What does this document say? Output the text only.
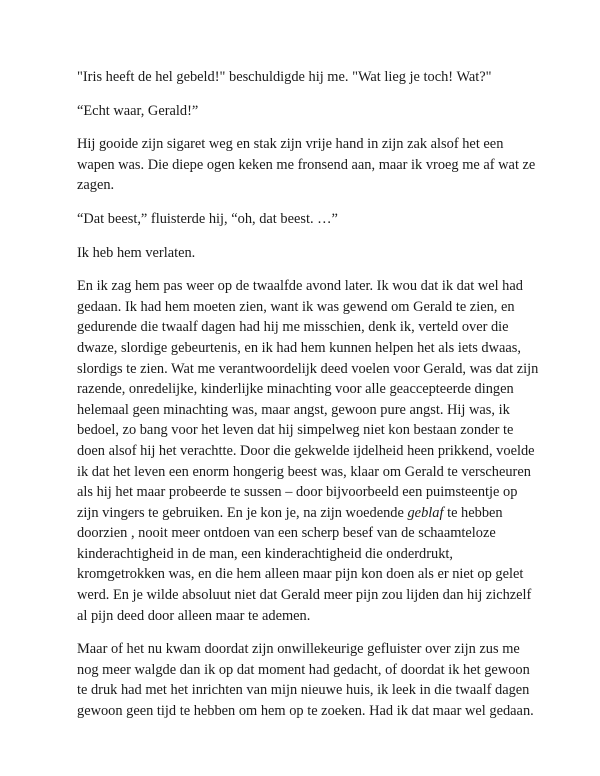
"Iris heeft de hel gebeld!" beschuldigde hij me. "Wat lieg je toch! Wat?"

“Echt waar, Gerald!”

Hij gooide zijn sigaret weg en stak zijn vrije hand in zijn zak alsof het een wapen was. Die diepe ogen keken me fronsend aan, maar ik vroeg me af wat ze zagen.

“Dat beest,” fluisterde hij, “oh, dat beest. …”

Ik heb hem verlaten.

En ik zag hem pas weer op de twaalfde avond later. Ik wou dat ik dat wel had gedaan. Ik had hem moeten zien, want ik was gewend om Gerald te zien, en gedurende die twaalf dagen had hij me misschien, denk ik, verteld over die dwaze, slordige gebeurtenis, en ik had hem kunnen helpen het als iets dwaas, slordigs te zien. Wat me verantwoordelijk deed voelen voor Gerald, was dat zijn razende, onredelijke, kinderlijke minachting voor alle geaccepteerde dingen helemaal geen minachting was, maar angst, gewoon pure angst. Hij was, ik bedoel, zo bang voor het leven dat hij simpelweg niet kon bestaan zonder te doen alsof hij het verachtte. Door die gekwelde ijdelheid heen prikkend, voelde ik dat het leven een enorm hongerig beest was, klaar om Gerald te verscheuren als hij het maar probeerde te sussen – door bijvoorbeeld een puimsteentje op zijn vingers te gebruiken. En je kon je, na zijn woedende geblaf te hebben doorzien , nooit meer ontdoen van een scherp besef van de schaamteloze kinderachtigheid in de man, een kinderachtigheid die onderdrukt, kromgetrokken was, en die hem alleen maar pijn kon doen als er niet op gelet werd. En je wilde absoluut niet dat Gerald meer pijn zou lijden dan hij zichzelf al pijn deed door alleen maar te ademen.

Maar of het nu kwam doordat zijn onwillekeurige gefluister over zijn zus me nog meer walgde dan ik op dat moment had gedacht, of doordat ik het gewoon te druk had met het inrichten van mijn nieuwe huis, ik leek in die twaalf dagen gewoon geen tijd te hebben om hem op te zoeken. Had ik dat maar wel gedaan.
